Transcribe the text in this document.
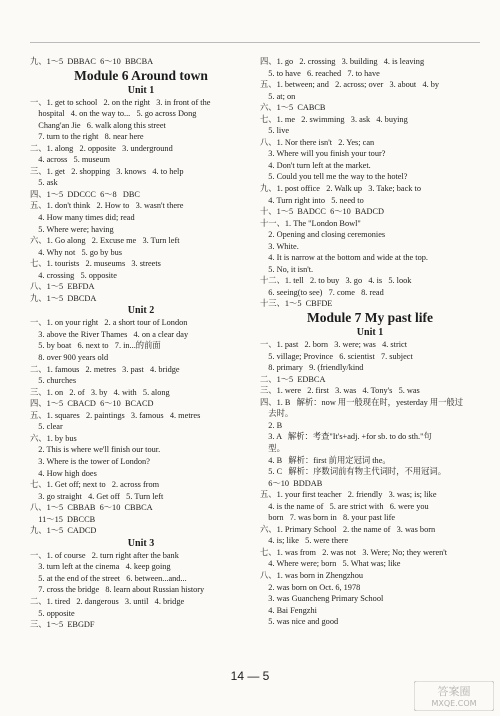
九、1～5  DBBAC  6～10  BBCBA
Module 6 Around town
Unit 1
一、1. get to school   2. on the right   3. in front of the
hospital   4. on the way to...   5. go across Dong
Chang'an Jie   6. walk along this street
7. turn to the right   8. near here
二、1. along   2. opposite   3. underground
4. across   5. museum
三、1. get   2. shopping   3. knows   4. to help
5. ask
四、1～5  DDCCC  6～8   DBC
五、1. don't think   2. How to   3. wasn't there
4. How many times did; read
5. Where were; having
六、1. Go along   2. Excuse me   3. Turn left
4. Why not   5. go by bus
七、1. tourists   2. museums   3. streets
4. crossing   5. opposite
八、1～5  EBFDA
九、1～5  DBCDA
Unit 2
一、1. on your right   2. a short tour of London
3. above the River Thames   4. on a clear day
5. by boat   6. next to   7. in...的前面
8. over 900 years old
二、1. famous   2. metres   3. past   4. bridge
5. churches
三、1. on   2. of   3. by   4. with   5. along
四、1～5  CBACD  6～10  BCACD
五、1. squares   2. paintings   3. famous   4. metres
5. clear
六、1. by bus
2. This is where we'll finish our tour.
3. Where is the tower of London?
4. How high does
七、1. Get off; next to   2. across from
3. go straight   4. Get off   5. Turn left
八、1～5  CBBAB  6～10  CBBCA
11～15  DBCCB
九、1～5  CADCD
Unit 3
一、1. of course   2. turn right after the bank
3. turn left at the cinema   4. keep going
5. at the end of the street   6. between...and...
7. cross the bridge   8. learn about Russian history
二、1. tired   2. dangerous   3. until   4. bridge
5. opposite
三、1～5  EBGDF
四、1. go   2. crossing   3. building   4. is leaving
5. to have   6. reached   7. to have
五、1. between; and   2. across; over   3. about   4. by
5. at; on
六、1～5  CABCB
七、1. me   2. swimming   3. ask   4. buying
5. live
八、1. Nor there isn't   2. Yes; can
3. Where will you finish your tour?
4. Don't turn left at the market.
5. Could you tell me the way to the hotel?
九、1. post office   2. Walk up   3. Take; back to
4. Turn right into   5. need to
十、1～5  BADCC  6～10  BADCD
十一、1. The "London Bowl"
2. Opening and closing ceremonies
3. White.
4. It is narrow at the bottom and wide at the top.
5. No, it isn't.
十二、1. tell   2. to buy   3. go   4. is   5. look
6. seeing(to see)   7. come   8. read
十三、1～5  CBFDE
Module 7 My past life
Unit 1
一、1. past   2. born   3. were; was   4. strict
5. village; Province   6. scientist   7. subject
8. primary   9. (friendly/kind
二、1～5  EDBCA
三、1. were   2. first   3. was   4. Tony's   5. was
四、1. B   解析：now 用一般现在时，yesterday 用一般过
去时。
2. B
3. A   解析：考查"It's+adj. +for sb. to do sth."句
型。
4. B   解析：first 前用定冠词 the。
5. C   解析：序数词前有物主代词时，不用冠词。
6～10  BDDAB
五、1. your first teacher   2. friendly   3. was; is; like
4. is the name of   5. are strict with   6. were you
born   7. was born in   8. your past life
六、1. Primary School   2. the name of   3. was born
4. is; like   5. were there
七、1. was from   2. was not   3. Were; No; they weren't
4. Where were; born   5. What was; like
八、1. was born in Zhengzhou
2. was born on Oct. 6, 1978
3. was Guancheng Primary School
4. Bai Fengzhi
5. was nice and good
14 — 5
答案圈
MXQE.COM
